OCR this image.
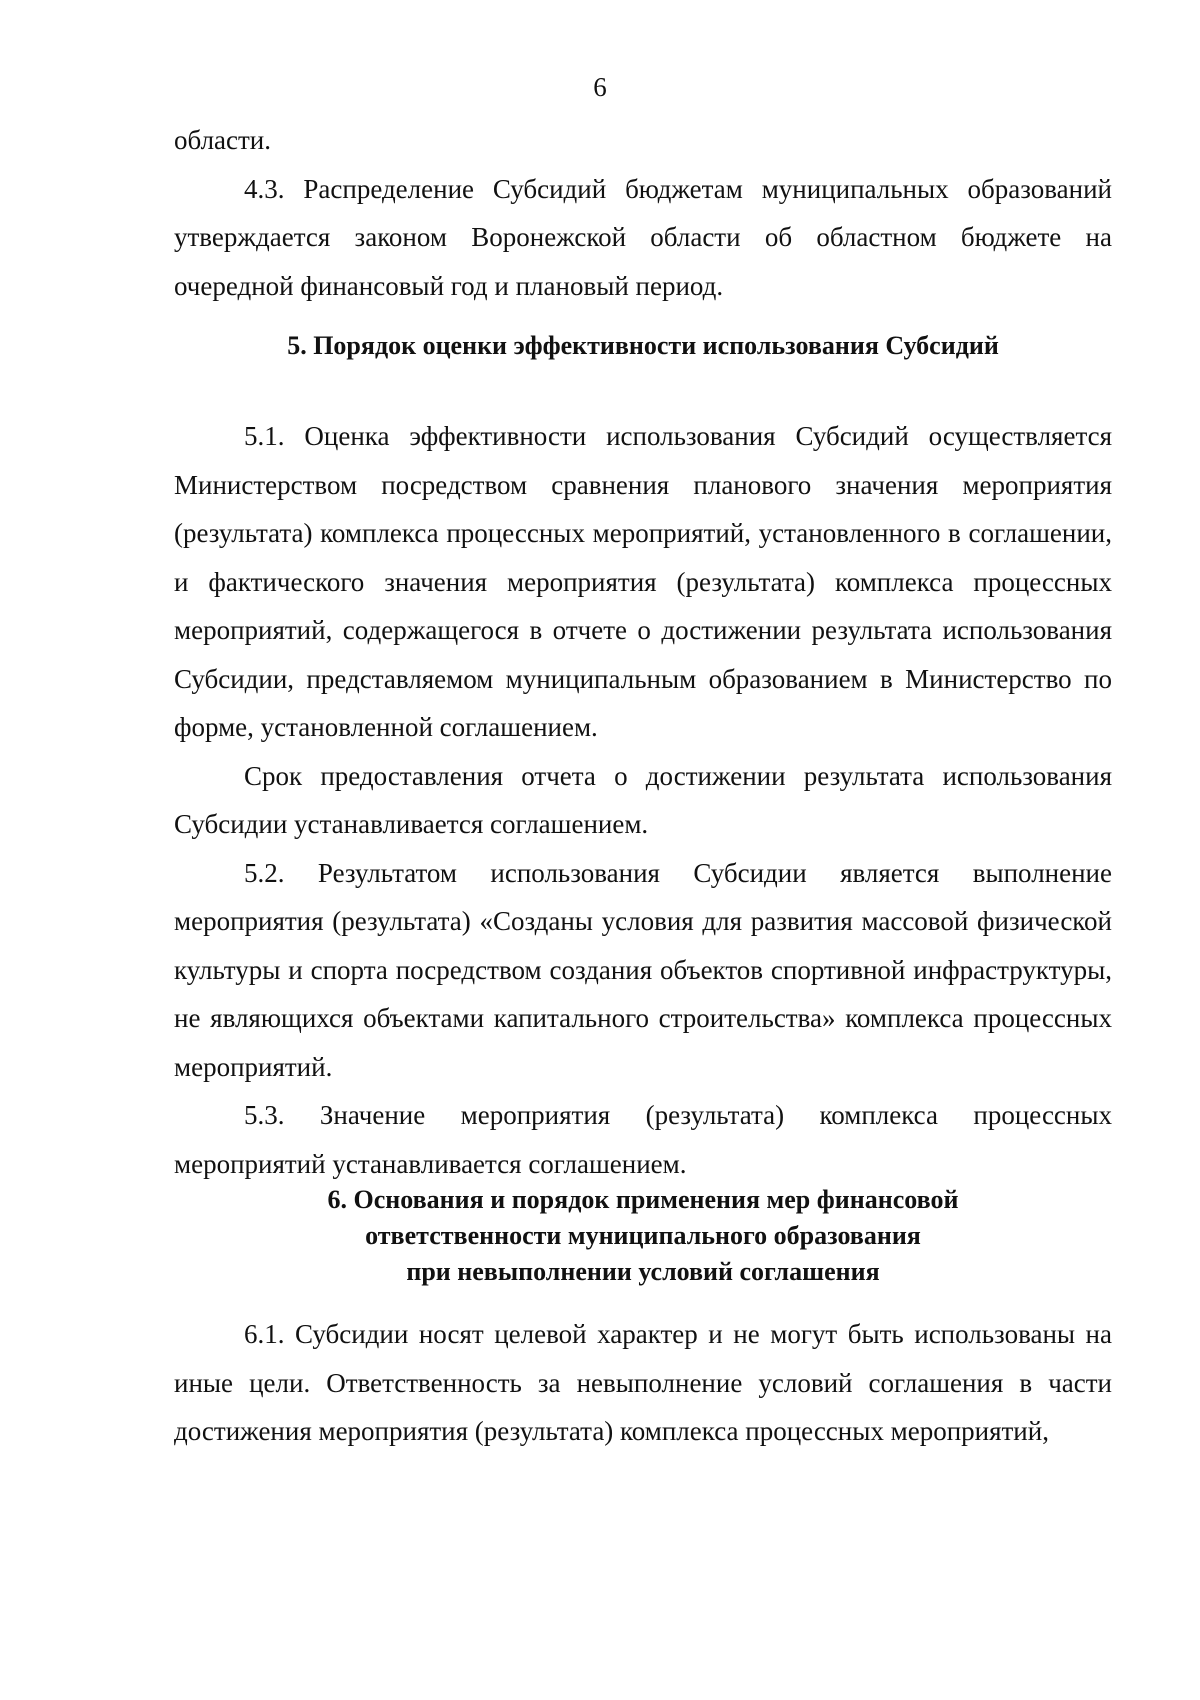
6

области.

4.3. Распределение Субсидий бюджетам муниципальных образований утверждается законом Воронежской области об областном бюджете на очередной финансовый год и плановый период.

5. Порядок оценки эффективности использования Субсидий

5.1. Оценка эффективности использования Субсидий осуществляется Министерством посредством сравнения планового значения мероприятия (результата) комплекса процессных мероприятий, установленного в соглашении, и фактического значения мероприятия (результата) комплекса процессных мероприятий, содержащегося в отчете о достижении результата использования Субсидии, представляемом муниципальным образованием в Министерство по форме, установленной соглашением.

Срок предоставления отчета о достижении результата использования Субсидии устанавливается соглашением.

5.2. Результатом использования Субсидии является выполнение мероприятия (результата) «Созданы условия для развития массовой физической культуры и спорта посредством создания объектов спортивной инфраструктуры, не являющихся объектами капитального строительства» комплекса процессных мероприятий.

5.3. Значение мероприятия (результата) комплекса процессных мероприятий устанавливается соглашением.

6. Основания и порядок применения мер финансовой
ответственности муниципального образования
при невыполнении условий соглашения

6.1. Субсидии носят целевой характер и не могут быть использованы на иные цели. Ответственность за невыполнение условий соглашения в части достижения мероприятия (результата) комплекса процессных мероприятий,
